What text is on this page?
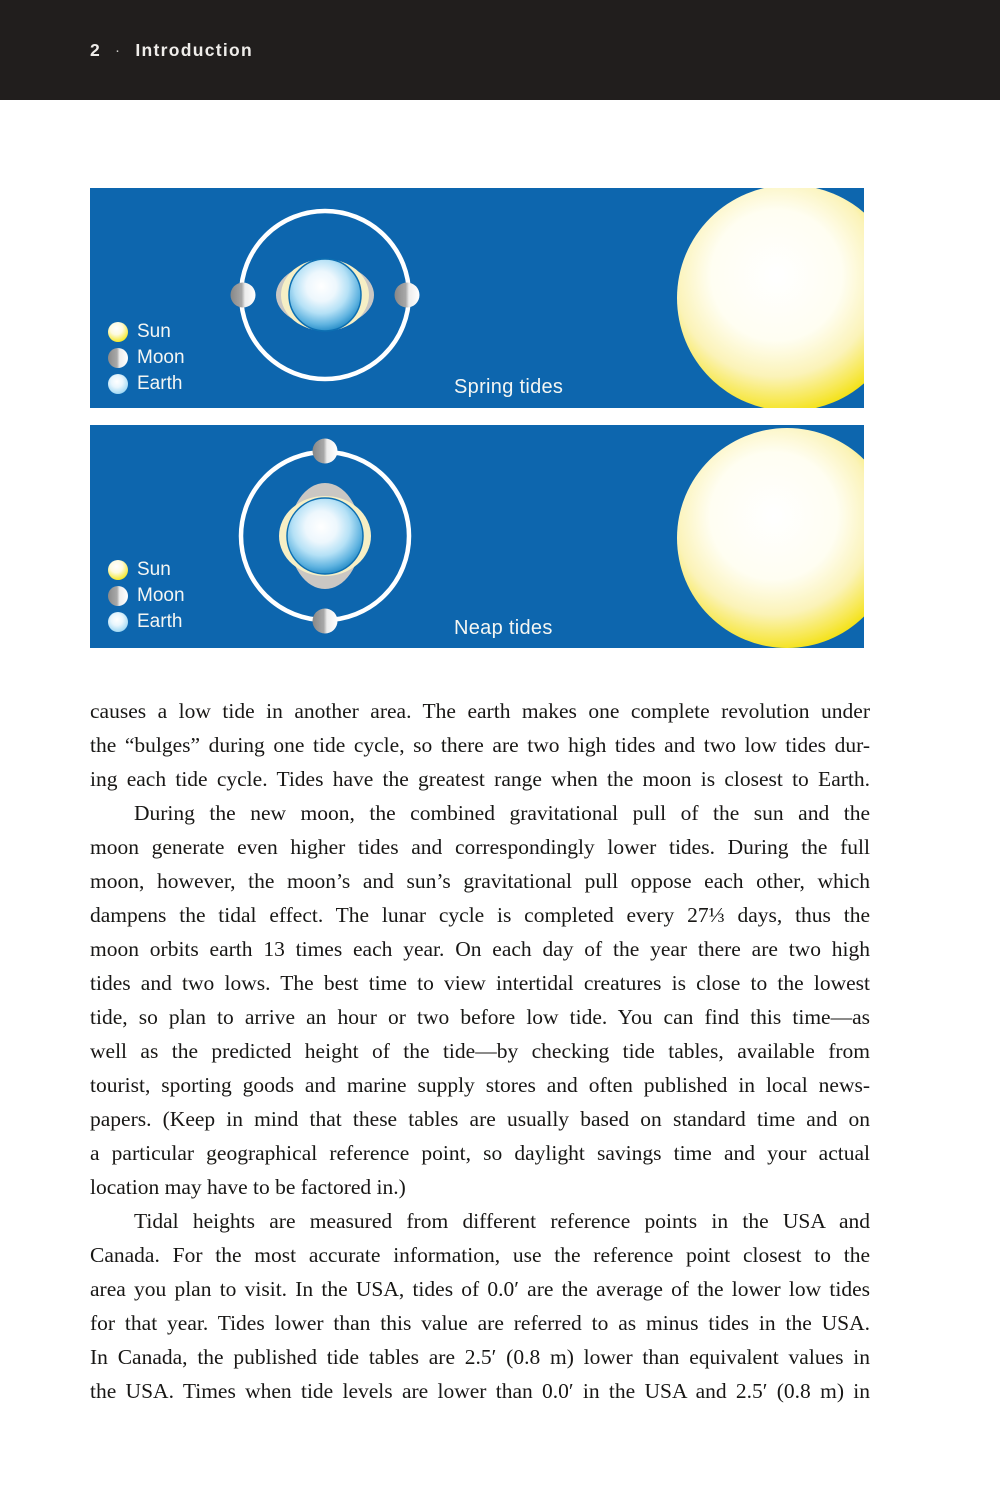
2 · Introduction
Sun
Moon
Earth	Spring tides
Sun
Moon
Earth	Neap tides
causes a low tide in another area. The earth makes one complete revolution under
the “bulges” during one tide cycle, so there are two high tides and two low tides dur-
ing each tide cycle. Tides have the greatest range when the moon is closest to Earth.
During the new moon, the combined gravitational pull of the sun and the
moon generate even higher tides and correspondingly lower tides. During the full
moon, however, the moon’s and sun’s gravitational pull oppose each other, which
dampens the tidal effect. The lunar cycle is completed every 27⅓ days, thus the
moon orbits earth 13 times each year. On each day of the year there are two high
tides and two lows. The best time to view intertidal creatures is close to the lowest
tide, so plan to arrive an hour or two before low tide. You can find this time—as
well as the predicted height of the tide—by checking tide tables, available from
tourist, sporting goods and marine supply stores and often published in local news-
papers. (Keep in mind that these tables are usually based on standard time and on
a particular geographical reference point, so daylight savings time and your actual
location may have to be factored in.)
Tidal heights are measured from different reference points in the USA and
Canada. For the most accurate information, use the reference point closest to the
area you plan to visit. In the USA, tides of 0.0′ are the average of the lower low tides
for that year. Tides lower than this value are referred to as minus tides in the USA.
In Canada, the published tide tables are 2.5′ (0.8 m) lower than equivalent values in
the USA. Times when tide levels are lower than 0.0′ in the USA and 2.5′ (0.8 m) in
